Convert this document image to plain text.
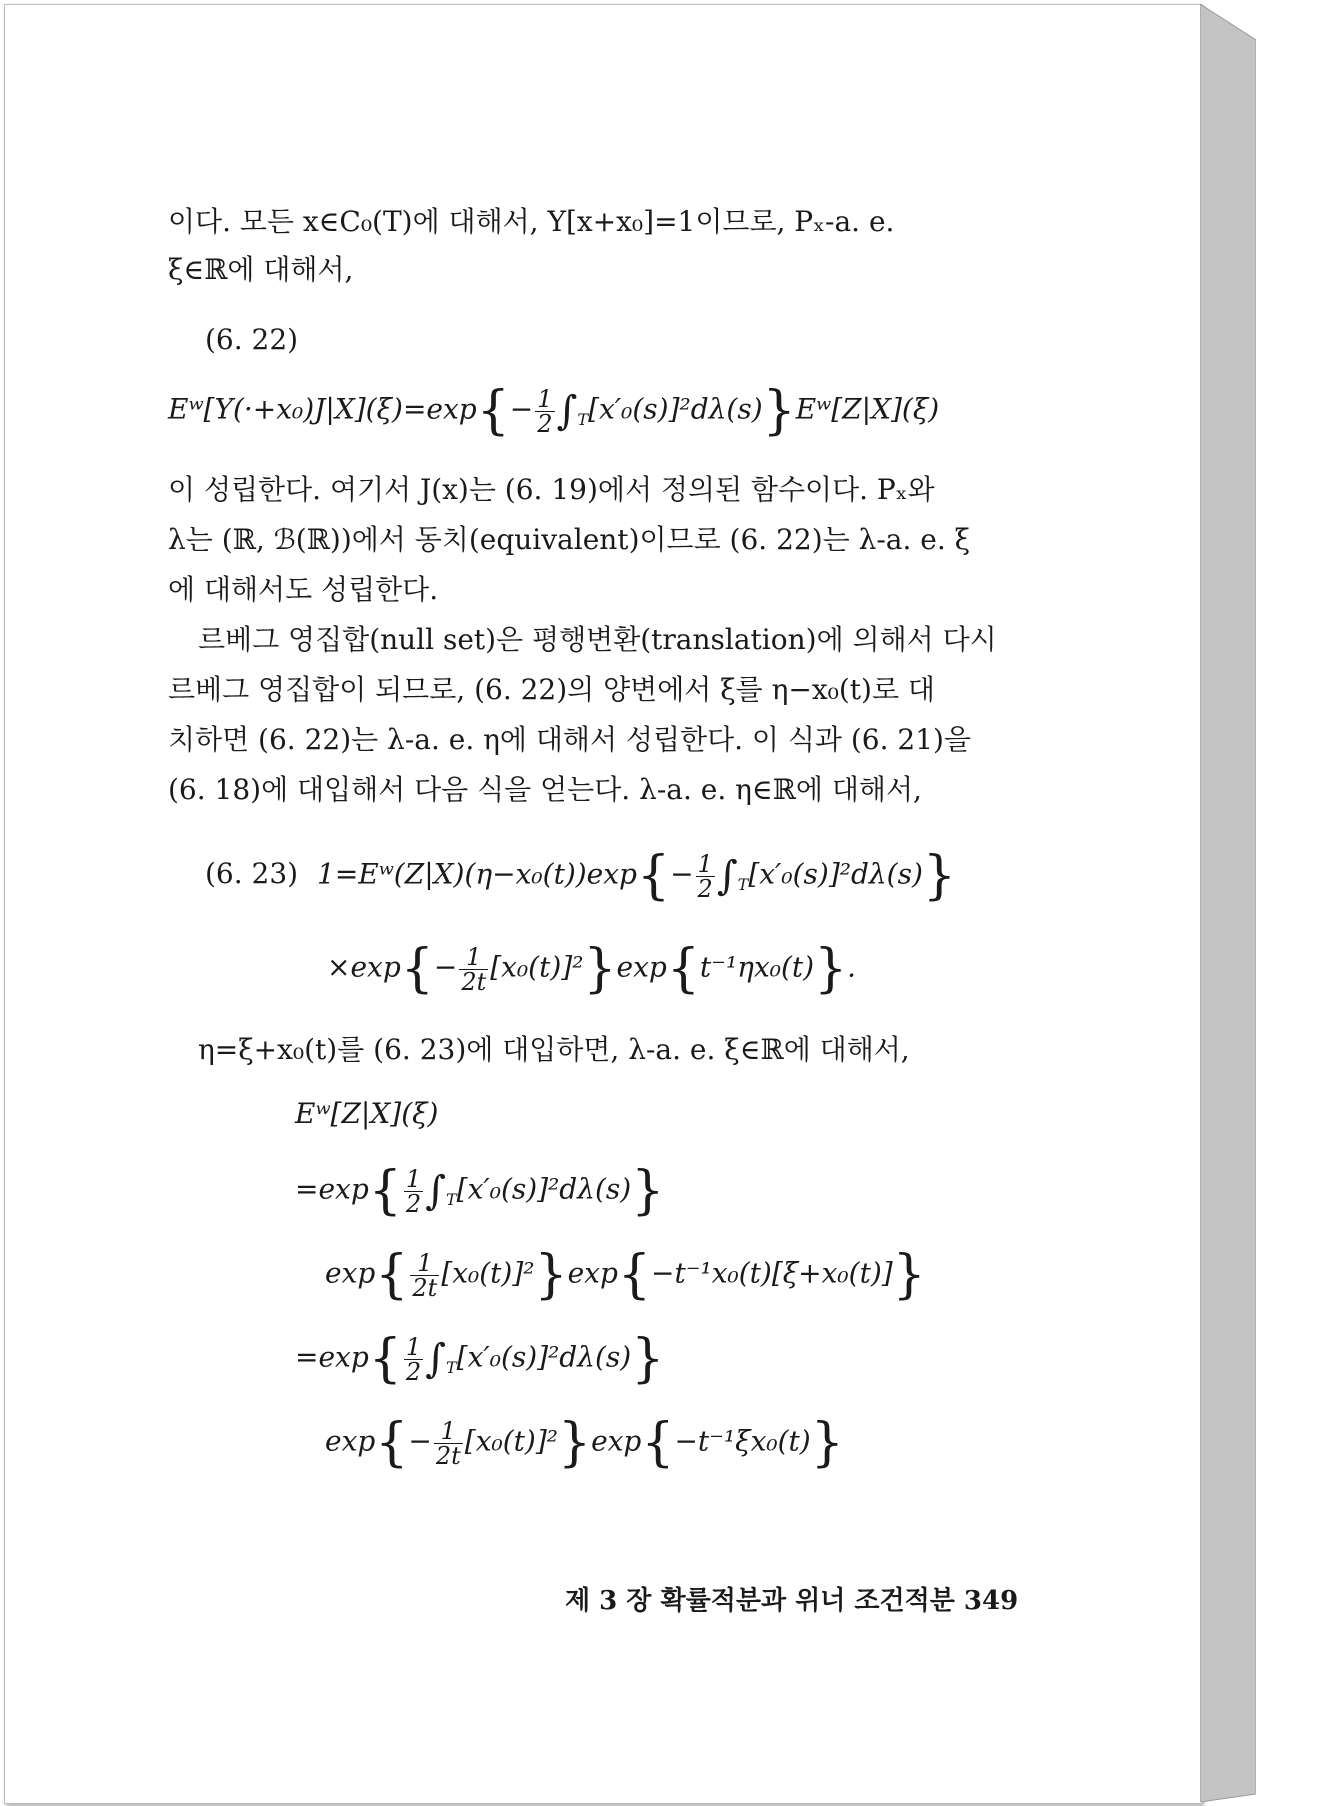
이다. 모든 x∈C₀(T)에 대해서, Y[x+x₀]=1이므로, Pₓ-a. e.
ξ∈ℝ에 대해서,
(6. 22)
Eʷ[Y(·+x₀)J|X](ξ)=exp{− $\frac{1}{2}$ $\int_T[x'_0(s)]^2d\lambda(s)\}Eʷ[Z|X](\xi)$
이 성립한다. 여기서 J(x)는 (6. 19)에서 정의된 함수이다. Pₓ와
λ는 (ℝ, ℬ(ℝ))에서 동치(equivalent)이므로 (6. 22)는 λ-a. e. ξ
에 대해서도 성립한다.
르베그 영집합(null set)은 평행변환(translation)에 의해서 다시
르베그 영집합이 되므로, (6. 22)의 양변에서 ξ를 η−x₀(t)로 대
치하면 (6. 22)는 λ-a. e. η에 대해서 성립한다. 이 식과 (6. 21)을
(6. 18)에 대입해서 다음 식을 얻는다. λ-a. e. η∈ℝ에 대해서,
(6. 23) 1=Eʷ(Z|X)(η−x₀(t))exp{− $\frac{1}{2} \int_T[x'_0(s)]^2d\lambda(s)$}
$\times\exp\{- \frac{1}{2t} [x_0(t)]^2\}\exp\{t^{-1}\eta x_0(t)\}$.
η=ξ+x₀(t)를 (6. 23)에 대입하면, λ-a. e. ξ∈ℝ에 대해서,
Eʷ[Z|X](ξ)
$=\exp\{ \frac{1}{2} \int_T[x'_0(s)]^2d\lambda(s)\}$
$\exp\{ \frac{1}{2t} [x_0(t)]^2\}\exp\{-t^{-1}x_0(t)[\xi+x_0(t)]\}$
$=\exp\{ \frac{1}{2} \int_T[x'_0(s)]^2d\lambda(s)\}$
$\exp\{- \frac{1}{2t} [x_0(t)]^2\}\exp\{-t^{-1}\xi x_0(t)\}$
제 3 장 확률적분과 위너 조건적분 349
